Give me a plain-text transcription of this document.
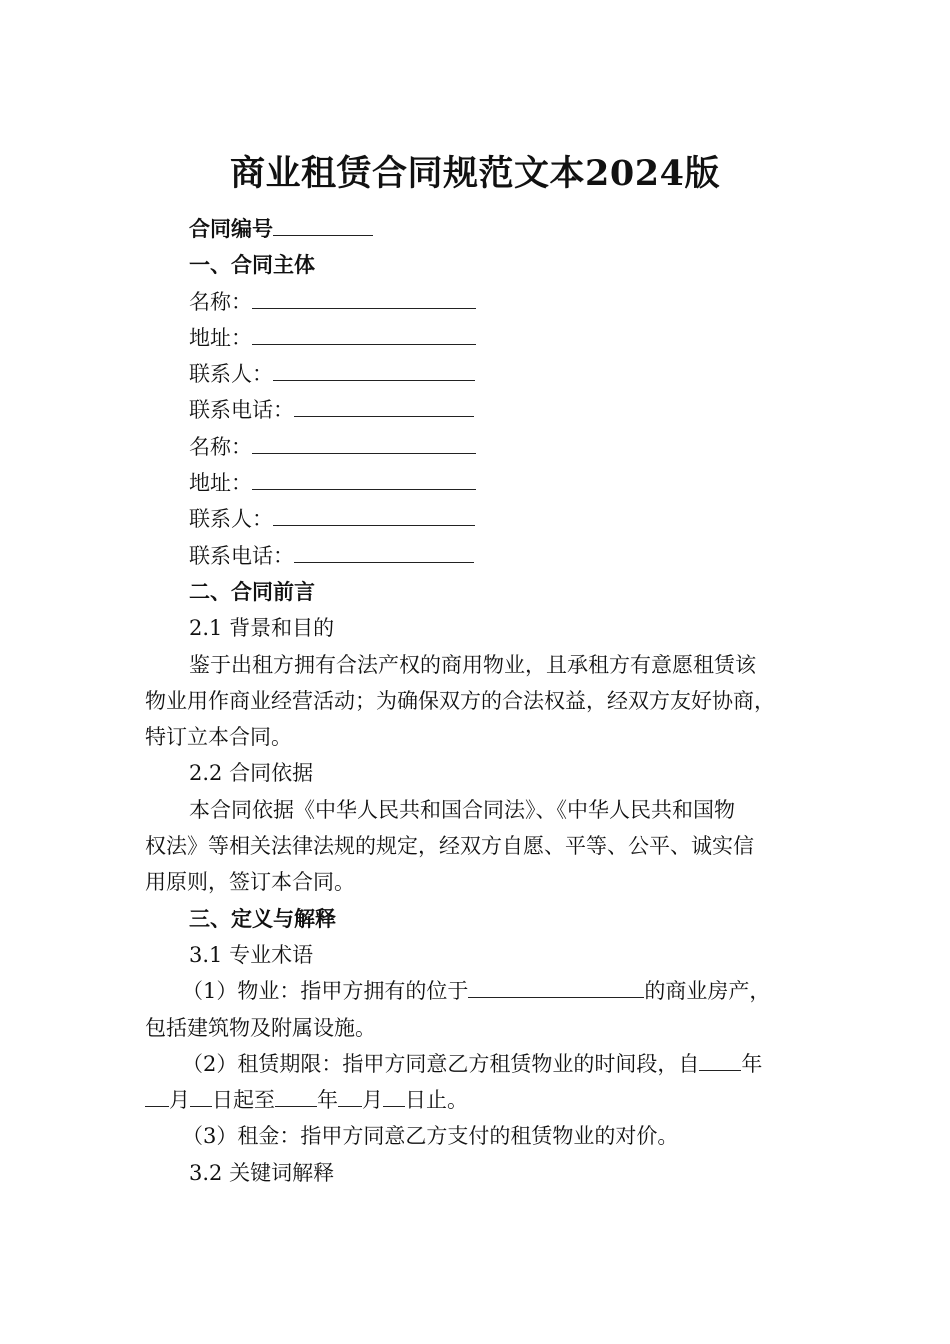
商业租赁合同规范文本2024版
合同编号
一、合同主体
名称：
地址：
联系人：
联系电话：
名称：
地址：
联系人：
联系电话：
二、合同前言
2.1 背景和目的
鉴于出租方拥有合法产权的商用物业，且承租方有意愿租赁该
物业用作商业经营活动；为确保双方的合法权益，经双方友好协商，
特订立本合同。
2.2 合同依据
本合同依据《中华人民共和国合同法》、《中华人民共和国物
权法》等相关法律法规的规定，经双方自愿、平等、公平、诚实信
用原则，签订本合同。
三、定义与解释
3.1 专业术语
（1）物业：指甲方拥有的位于	的商业房产，
包括建筑物及附属设施。
（2）租赁期限：指甲方同意乙方租赁物业的时间段，自 年
月 日起至 年 月 日止。
（3）租金：指甲方同意乙方支付的租赁物业的对价。
3.2 关键词解释
